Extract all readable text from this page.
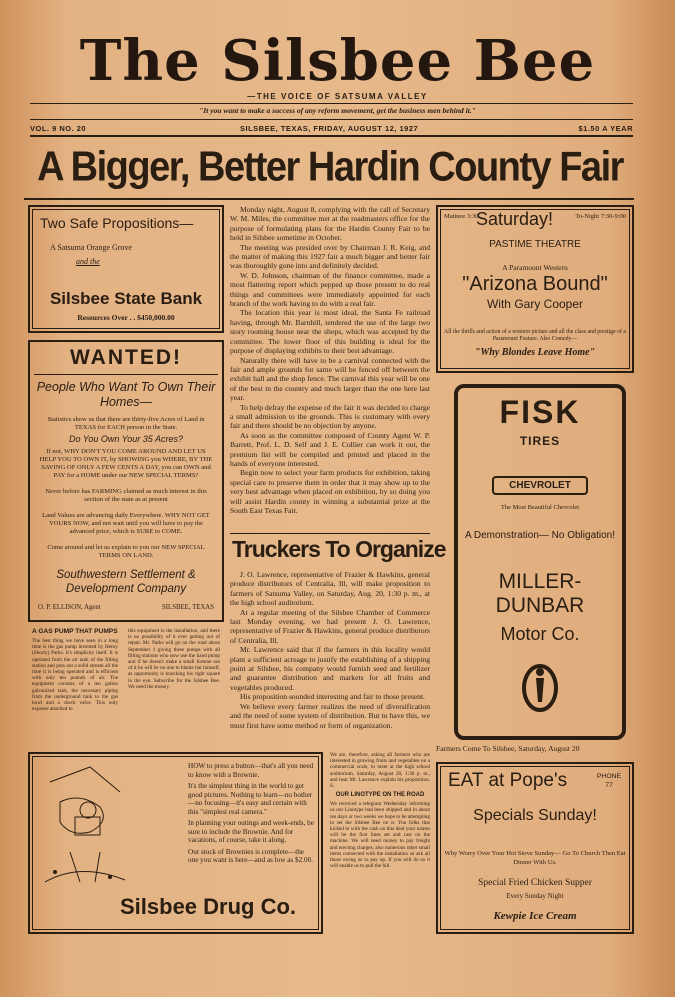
The Silsbee Bee
—THE VOICE OF SATSUMA VALLEY
"It you want to make a success of any reform movement, get the business men behind it."
VOL. 9 NO. 20	SILSBEE, TEXAS, FRIDAY, AUGUST 12, 1927	$1.50 A YEAR
A Bigger, Better Hardin County Fair
Two Safe Propositions—
A Satsuma Orange Grove
and the
Silsbee State Bank
Resources Over . . $450,000.00
WANTED!
People Who Want To Own Their Homes—
Statistics show us that there are thirty-five Acres of Land in TEXAS for EACH person in the State.
Do You Own Your 35 Acres?
If not, WHY DON'T YOU COME AROUND AND LET US HELP YOU TO OWN IT, by SHOWING you WHERE, BY THE SAVING OF ONLY A FEW CENTS A DAY, you can OWN and PAY for a HOME under our NEW SPECIAL TERMS?
Never before has FARMING claimed as much interest in this section of the state as at present
Land Values are advancing daily Everywhere. WHY NOT GET YOURS NOW, and not wait until you will have to pay the advanced price, which is SURE to COME.
Come around and let us explain to you our NEW SPECIAL TERMS ON LAND.
Southwestern Settlement & Development Company
O. P. ELLISON, Agent	SILSBEE, TEXAS
A GAS PUMP THAT PUMPS
The best thing we have seen in a long time is the gas pump invented by Henry (Shorty) Parks. It's simplicity itself. It is operated from the air tank of the filling station and puts out a solid stream all the time it is being operated and is efficient with only ten pounds of air. The equipment consists of a ten gallon galvanized tank, the necessary piping from the underground tank to the gas bowl and a check valve. This only expense attached to
this equipment is the installation, and there is no possibility of it ever getting out of repair. Mr. Parks will go on the road about September 1 giving these pumps with all filling stations who now use the hand pump and if he doesn't make a small fortune out of it he will be no one to blame but himself, as opportunity is knocking his right square in the eye. Subscribe for the Silsbee Bee. We need the money.

Monday night, August 8, complying with the call of Secretary W. M. Miles, the committee met at the roadmasters office for the purpose of formulating plans for the Hardin County Fair to be held in Silsbee sometime in October.

The meeting was presided over by Chairman J. R. Keig, and the matter of making this 1927 fair a much bigger and better fair was thoroughly gone into and definitely decided.

W. D. Johnson, chairman of the finance committee, made a most flattering report which pepped up those present to do real things and committees were immediately appointed for each branch of the work having to do with a real fair.

The location this year is most ideal, the Santa Fe railroad having, through Mr. Barnhill, tendered the use of the large two story rooming house near the shops, which was accepted by the committee. The lower floor of this building is ideal for the purpose of displaying exhibits to their best advantage.

Naturally there will have to be a carnival connected with the fair and ample grounds for same will be fenced off between the exhibit hall and the shop fence. The carnival this year will be one of the best in the country and much larger than the one here last year.

To help defray the expense of the fair it was decided to charge a small admission to the grounds. This is customary with every fair and there should be no objection by anyone.

As soon as the committee composed of County Agent W. P. Barrett, Prof. L. D. Self and J. E. Collier can work it out, the premium list will be compiled and printed and placed in the hands of everyone interested.

Begin now to select your farm products for exhibition, taking special care to preserve them in order that it may show up to the very best advantage when placed on exhibition, by so doing you will assist Hardin county in winning a substantial prize at the South East Texas Fair.

Truckers To Organize

J. O. Lawrence, representative of Frazier & Hawkins, general produce distributors of Centralia, Ill, will make proposition to farmers of Satsuma Valley, on Saturday, Aug. 20, 1:30 p. m., at the high school auditorium.

At a regular meeting of the Silsbee Chamber of Commerce last Monday evening, we had present J. O. Lawrence, representative of Frazier & Hawkins, general produce distributors of Centralia, Ill.

Mr. Lawrence said that if the farmers in this locality would plant a sufficient acreage to justify the establishing of a shipping point at Silsbee, his company would furnish seed and fertilizer and guarantee distribution and markets for all fruits and vegetables produced.

His proposition sounded interesting and fair to those present.

We believe every farmer realizes the need of diversification and the need of some system of distribution. But to have this, we must first have some method or form of organization.

HOW to press a button—that's all you need to know with a Brownie.
It's the simplest thing in the world to get good pictures. Nothing to learn—no bother—no focusing—it's easy and certain with this "simplest real camera."
In planning your outings and week-ends, be sure to include the Brownie. And for vacations, of course, take it along.
Our stock of Brownies is complete—the one you want is here—and as low as $2.00.
Silsbee Drug Co.
We are, therefore, asking all farmers who are interested in growing fruits and vegetables on a commercial scale, to meet at the high school auditorium, Saturday, August 20, 1:30 p. m., and hear Mr. Lawrence explain his proposition. S.
OUR LINOTYPE ON THE ROAD
We received a telegram Wednesday informing us our Linotype had been shipped and in about ten days or two weeks we hope to be attempting to set the Silsbee Bee on it. You folks that kicked in with the cash on this deal your names will be the first lines set and cast on the machine. We will need money to pay freight and erecting charges, also numerous other small items connected with the installation so ask all those owing us to pay up. If you will do so it will enable us to pull the bill.
Matinee 3:30
Saturday!	To-Night 7:30-9:00
PASTIME THEATRE
A Paramount Western
"Arizona Bound"
With Gary Cooper
All the thrills and action of a western picture and all the class and prestige of a Paramount Feature. Also Comedy—
"Why Blondes Leave Home"
FISK
TIRES
CHEVROLET
The Most Beautiful Chevrolet
A Demonstration— No Obligation!
MILLER- DUNBAR
Motor Co.
Farmers Come To Silsbee, Saturday, August 20
EAT at Pope's	PHONE 77
Specials Sunday!
Why Worry Over Your Hot Stove Sunday— Go To Church Then Eat Dinner With Us.
Special Fried Chicken Supper
Every Sunday Night
Kewpie Ice Cream
